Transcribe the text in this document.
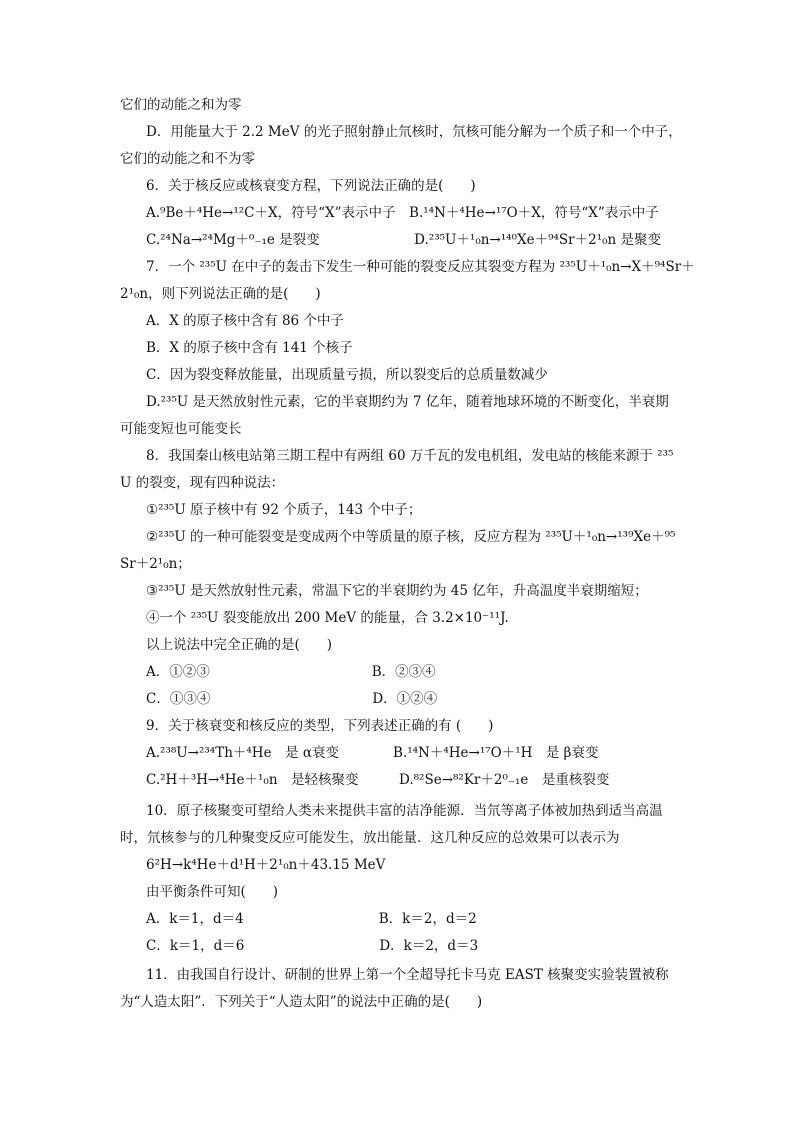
它们的动能之和为零
D．用能量大于 2.2 MeV 的光子照射静止氘核时，氘核可能分解为一个质子和一个中子，
它们的动能之和不为零
6．关于核反应或核衰变方程，下列说法正确的是(　　)
A.⁹Be＋⁴He→¹²C＋X，符号“X”表示中子　B.¹⁴N＋⁴He→¹⁷O＋X，符号“X”表示中子
C.²⁴Na→²⁴Mg＋⁰₋₁e 是裂变　　　　　　　D.²³⁵U＋¹₀n→¹⁴⁰Xe＋⁹⁴Sr＋2¹₀n 是聚变
7．一个 ²³⁵U 在中子的轰击下发生一种可能的裂变反应其裂变方程为 ²³⁵U＋¹₀n→X＋⁹⁴Sr＋
2¹₀n，则下列说法正确的是(　　)
A．X 的原子核中含有 86 个中子
B．X 的原子核中含有 141 个核子
C．因为裂变释放能量，出现质量亏损，所以裂变后的总质量数减少
D.²³⁵U 是天然放射性元素，它的半衰期约为 7 亿年，随着地球环境的不断变化，半衰期
可能变短也可能变长
8．我国秦山核电站第三期工程中有两组 60 万千瓦的发电机组，发电站的核能来源于 ²³⁵
U 的裂变，现有四种说法：
①²³⁵U 原子核中有 92 个质子，143 个中子；
②²³⁵U 的一种可能裂变是变成两个中等质量的原子核，反应方程为 ²³⁵U＋¹₀n→¹³⁹Xe＋⁹⁵
Sr＋2¹₀n；
③²³⁵U 是天然放射性元素，常温下它的半衰期约为 45 亿年，升高温度半衰期缩短；
④一个 ²³⁵U 裂变能放出 200 MeV 的能量，合 3.2×10⁻¹¹J.
以上说法中完全正确的是(　　)
A．①②③　　　　　　　　　　　　B．②③④
C．①③④　　　　　　　　　　　　D．①②④
9．关于核衰变和核反应的类型，下列表述正确的有 (　　)
A.²³⁸U→²³⁴Th＋⁴He　是 α衰变　　　　B.¹⁴N＋⁴He→¹⁷O＋¹H　是 β衰变
C.²H＋³H→⁴He＋¹₀n　是轻核聚变　　　D.⁸²Se→⁸²Kr＋2⁰₋₁e　是重核裂变
10．原子核聚变可望给人类未来提供丰富的洁净能源．当氘等离子体被加热到适当高温
时，氘核参与的几种聚变反应可能发生，放出能量．这几种反应的总效果可以表示为
6²H→k⁴He＋d¹H＋2¹₀n＋43.15 MeV
由平衡条件可知(　　)
A．k＝1，d＝4　　　　　　　　　　B．k＝2，d＝2
C．k＝1，d＝6　　　　　　　　　　D．k＝2，d＝3
11．由我国自行设计、研制的世界上第一个全超导托卡马克 EAST 核聚变实验装置被称
为“人造太阳”．下列关于“人造太阳”的说法中正确的是(　　)
